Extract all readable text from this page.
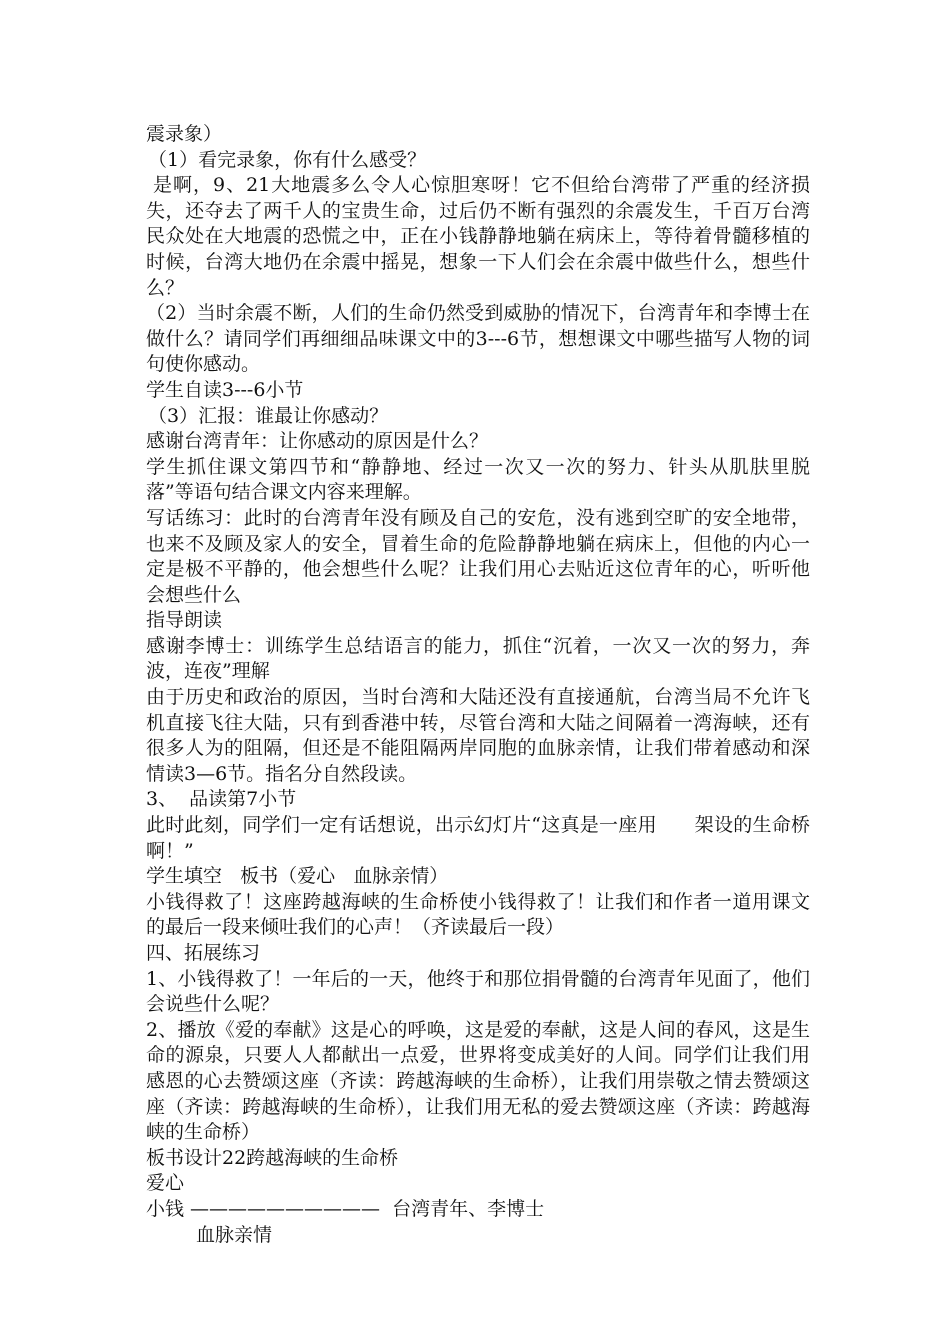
震录象）

（1）看完录象，你有什么感受？

是啊，9、21大地震多么令人心惊胆寒呀！它不但给台湾带了严重的经济损失，还夺去了两千人的宝贵生命，过后仍不断有强烈的余震发生，千百万台湾民众处在大地震的恐慌之中，正在小钱静静地躺在病床上，等待着骨髓移植的时候，台湾大地仍在余震中摇晃，想象一下人们会在余震中做些什么，想些什么？

（2）当时余震不断，人们的生命仍然受到威胁的情况下，台湾青年和李博士在做什么？请同学们再细细品味课文中的3---6节，想想课文中哪些描写人物的词句使你感动。

学生自读3---6小节

（3）汇报：谁最让你感动？

感谢台湾青年：让你感动的原因是什么？

学生抓住课文第四节和“静静地、经过一次又一次的努力、针头从肌肤里脱落”等语句结合课文内容来理解。

写话练习：此时的台湾青年没有顾及自己的安危，没有逃到空旷的安全地带，也来不及顾及家人的安全，冒着生命的危险静静地躺在病床上，但他的内心一定是极不平静的，他会想些什么呢？让我们用心去贴近这位青年的心，听听他会想些什么

指导朗读

感谢李博士：训练学生总结语言的能力，抓住“沉着，一次又一次的努力，奔波，连夜”理解

由于历史和政治的原因，当时台湾和大陆还没有直接通航，台湾当局不允许飞机直接飞往大陆，只有到香港中转，尽管台湾和大陆之间隔着一湾海峡，还有很多人为的阻隔，但还是不能阻隔两岸同胞的血脉亲情，让我们带着感动和深情读3—6节。指名分自然段读。

3、  品读第7小节

此时此刻，同学们一定有话想说，出示幻灯片“这真是一座用      架设的生命桥啊！”

学生填空   板书（爱心   血脉亲情）

小钱得救了！这座跨越海峡的生命桥使小钱得救了！让我们和作者一道用课文的最后一段来倾吐我们的心声！（齐读最后一段）

四、拓展练习

1、小钱得救了！一年后的一天，他终于和那位捐骨髓的台湾青年见面了，他们会说些什么呢？

2、播放《爱的奉献》这是心的呼唤，这是爱的奉献，这是人间的春风，这是生命的源泉，只要人人都献出一点爱，世界将变成美好的人间。同学们让我们用感恩的心去赞颂这座（齐读：跨越海峡的生命桥），让我们用崇敬之情去赞颂这座（齐读：跨越海峡的生命桥），让我们用无私的爱去赞颂这座（齐读：跨越海峡的生命桥）

板书设计22跨越海峡的生命桥

爱心

小钱 ——————————  台湾青年、李博士

血脉亲情
